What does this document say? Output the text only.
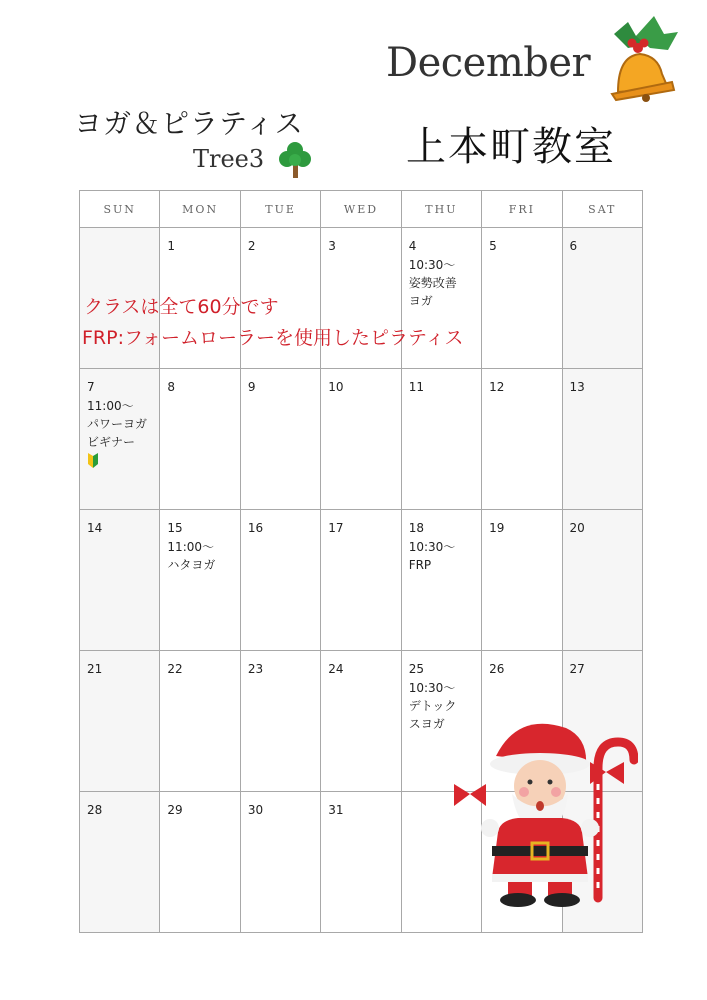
December
ヨガ＆ピラティス
Tree3	上本町教室
SUN	MON	TUE	WED	THU	FRI	SAT

	1	2	3	4
10:30〜
姿勢改善
ヨガ	5	6

7
11:00〜
パワーヨガ
ビギナー	8	9	10	11	12	13

14	15
11:00〜
ハタヨガ	16	17	18
10:30〜
FRP	19	20

21	22	23	24	25
10:30〜
デトック
スヨガ	26	27

28	29	30	31			

クラスは全て60分です
FRP:フォームローラーを使用したピラティス
